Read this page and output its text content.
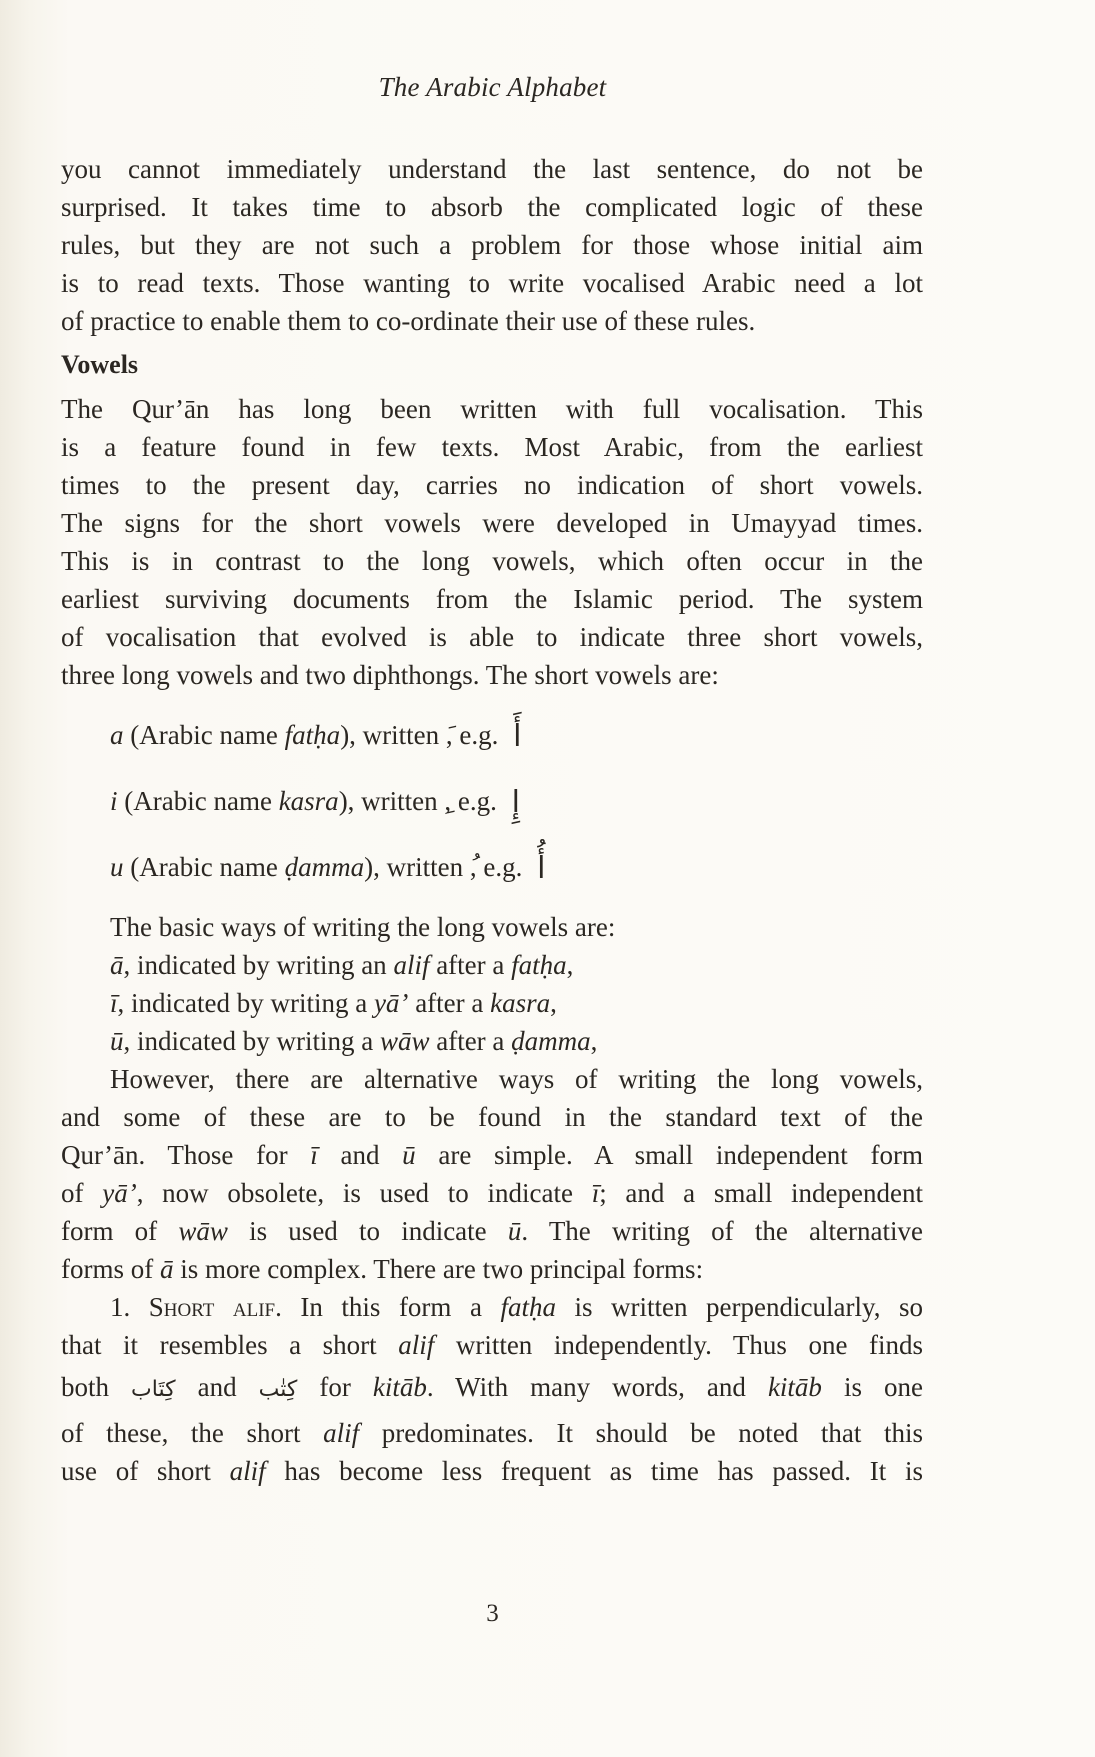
The Arabic Alphabet
you cannot immediately understand the last sentence, do not be
surprised. It takes time to absorb the complicated logic of these
rules, but they are not such a problem for those whose initial aim
is to read texts. Those wanting to write vocalised Arabic need a lot
of practice to enable them to co-ordinate their use of these rules.
Vowels
The Qur’ān has long been written with full vocalisation. This
is a feature found in few texts. Most Arabic, from the earliest
times to the present day, carries no indication of short vowels.
The signs for the short vowels were developed in Umayyad times.
This is in contrast to the long vowels, which often occur in the
earliest surviving documents from the Islamic period. The system
of vocalisation that evolved is able to indicate three short vowels,
three long vowels and two diphthongs. The short vowels are:
a (Arabic name fatḥa), written , e.g. أَ
i (Arabic name kasra), written , e.g. إِ
u (Arabic name ḍamma), written , e.g. أُ
The basic ways of writing the long vowels are:
ā, indicated by writing an alif after a fatḥa,
ī, indicated by writing a yā’ after a kasra,
ū, indicated by writing a wāw after a ḍamma,
However, there are alternative ways of writing the long vowels,
and some of these are to be found in the standard text of the
Qur’ān. Those for ī and ū are simple. A small independent form
of yā’, now obsolete, is used to indicate ī; and a small independent
form of wāw is used to indicate ū. The writing of the alternative
forms of ā is more complex. There are two principal forms:
1. Short alif. In this form a fatḥa is written perpendicularly, so
that it resembles a short alif written independently. Thus one finds
both كِتَاب and كِتٰب for kitāb. With many words, and kitāb is one
of these, the short alif predominates. It should be noted that this
use of short alif has become less frequent as time has passed. It is
3
